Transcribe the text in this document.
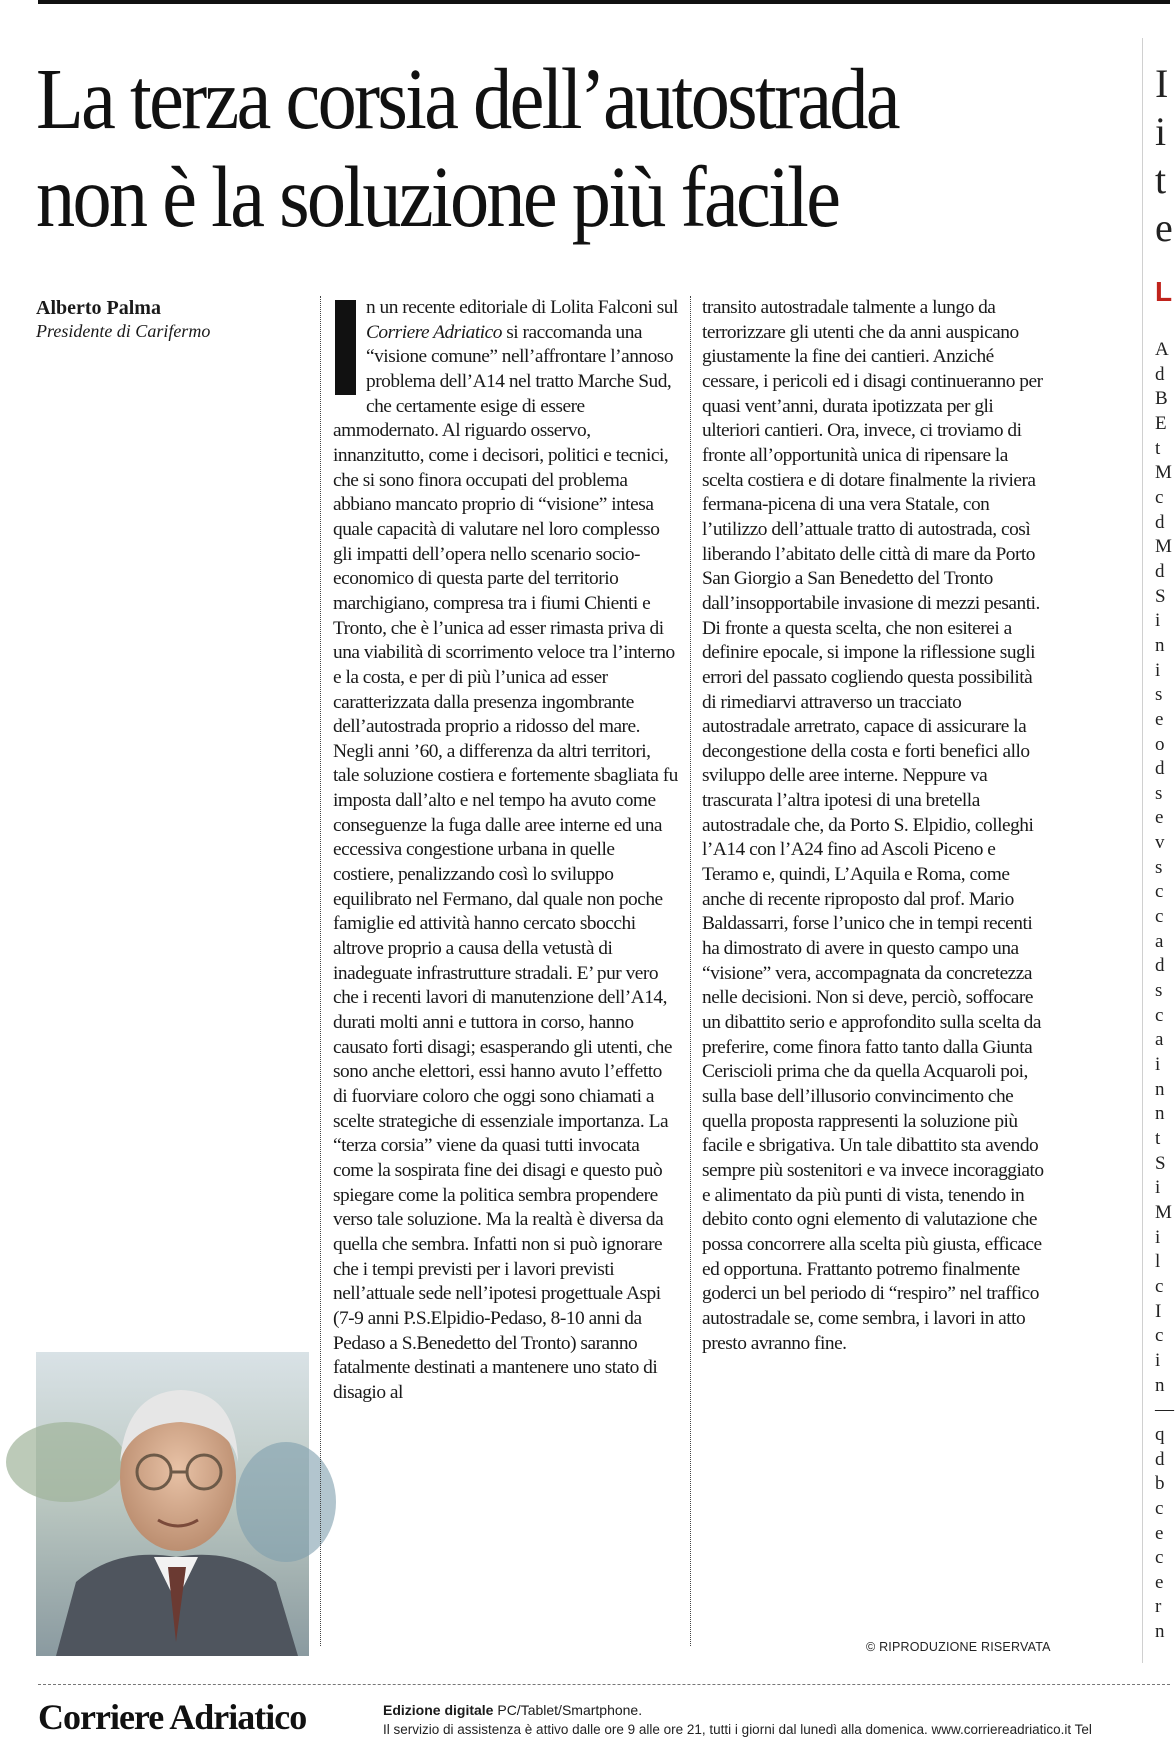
I
i
t
e
L
A
d
B
E
t
M
c
d
M
d
S
i
n
i
s
e
o
d
s
e
v
s
c
c
a
d
s
c
a
i
n
n
t
S
i
M
i
l
c
I
c
i
n
—
q
d
b
c
e
c
e
r
n
La terza corsia dell’autostrada non è la soluzione più facile
Alberto Palma
Presidente di Carifermo
n un recente editoriale di Lolita Falconi sul Corriere Adriatico si raccomanda una “visione comune” nell’affrontare l’annoso problema dell’A14 nel tratto Marche Sud, che certamente esige di essere ammodernato. Al riguardo osservo, innanzitutto, come i decisori, politici e tecnici, che si sono finora occupati del problema abbiano mancato proprio di “visione” intesa quale capacità di valutare nel loro complesso gli impatti dell’opera nello scenario socio-economico di questa parte del territorio marchigiano, compresa tra i fiumi Chienti e Tronto, che è l’unica ad esser rimasta priva di una viabilità di scorrimento veloce tra l’interno e la costa, e per di più l’unica ad esser caratterizzata dalla presenza ingombrante dell’autostrada proprio a ridosso del mare. Negli anni ’60, a differenza da altri territori, tale soluzione costiera e fortemente sbagliata fu imposta dall’alto e nel tempo ha avuto come conseguenze la fuga dalle aree interne ed una eccessiva congestione urbana in quelle costiere, penalizzando così lo sviluppo equilibrato nel Fermano, dal quale non poche famiglie ed attività hanno cercato sbocchi altrove proprio a causa della vetustà di inadeguate infrastrutture stradali. E’ pur vero che i recenti lavori di manutenzione dell’A14, durati molti anni e tuttora in corso, hanno causato forti disagi; esasperando gli utenti, che sono anche elettori, essi hanno avuto l’effetto di fuorviare coloro che oggi sono chiamati a scelte strategiche di essenziale importanza. La “terza corsia” viene da quasi tutti invocata come la sospirata fine dei disagi e questo può spiegare come la politica sembra propendere verso tale soluzione. Ma la realtà è diversa da quella che sembra. Infatti non si può ignorare che i tempi previsti per i lavori previsti nell’attuale sede nell’ipotesi progettuale Aspi (7-9 anni P.S.Elpidio-Pedaso, 8-10 anni da Pedaso a S.Benedetto del Tronto) saranno fatalmente destinati a mantenere uno stato di disagio al
transito autostradale talmente a lungo da terrorizzare gli utenti che da anni auspicano giustamente la fine dei cantieri. Anziché cessare, i pericoli ed i disagi continueranno per quasi vent’anni, durata ipotizzata per gli ulteriori cantieri. Ora, invece, ci troviamo di fronte all’opportunità unica di ripensare la scelta costiera e di dotare finalmente la riviera fermana-picena di una vera Statale, con l’utilizzo dell’attuale tratto di autostrada, così liberando l’abitato delle città di mare da Porto San Giorgio a San Benedetto del Tronto dall’insopportabile invasione di mezzi pesanti. Di fronte a questa scelta, che non esiterei a definire epocale, si impone la riflessione sugli errori del passato cogliendo questa possibilità di rimediarvi attraverso un tracciato autostradale arretrato, capace di assicurare la decongestione della costa e forti benefici allo sviluppo delle aree interne. Neppure va trascurata l’altra ipotesi di una bretella autostradale che, da Porto S. Elpidio, colleghi l’A14 con l’A24 fino ad Ascoli Piceno e Teramo e, quindi, L’Aquila e Roma, come anche di recente riproposto dal prof. Mario Baldassarri, forse l’unico che in tempi recenti ha dimostrato di avere in questo campo una “visione” vera, accompagnata da concretezza nelle decisioni. Non si deve, perciò, soffocare un dibattito serio e approfondito sulla scelta da preferire, come finora fatto tanto dalla Giunta Ceriscioli prima che da quella Acquaroli poi, sulla base dell’illusorio convincimento che quella proposta rappresenti la soluzione più facile e sbrigativa. Un tale dibattito sta avendo sempre più sostenitori e va invece incoraggiato e alimentato da più punti di vista, tenendo in debito conto ogni elemento di valutazione che possa concorrere alla scelta più giusta, efficace ed opportuna. Frattanto potremo finalmente goderci un bel periodo di “respiro” nel traffico autostradale se, come sembra, i lavori in atto presto avranno fine.
© RIPRODUZIONE RISERVATA
Corriere Adriatico	Edizione digitale PC/Tablet/Smartphone.
Il servizio di assistenza è attivo dalle ore 9 alle ore 21, tutti i giorni dal lunedì alla domenica. www.corriereadriatico.it Tel
